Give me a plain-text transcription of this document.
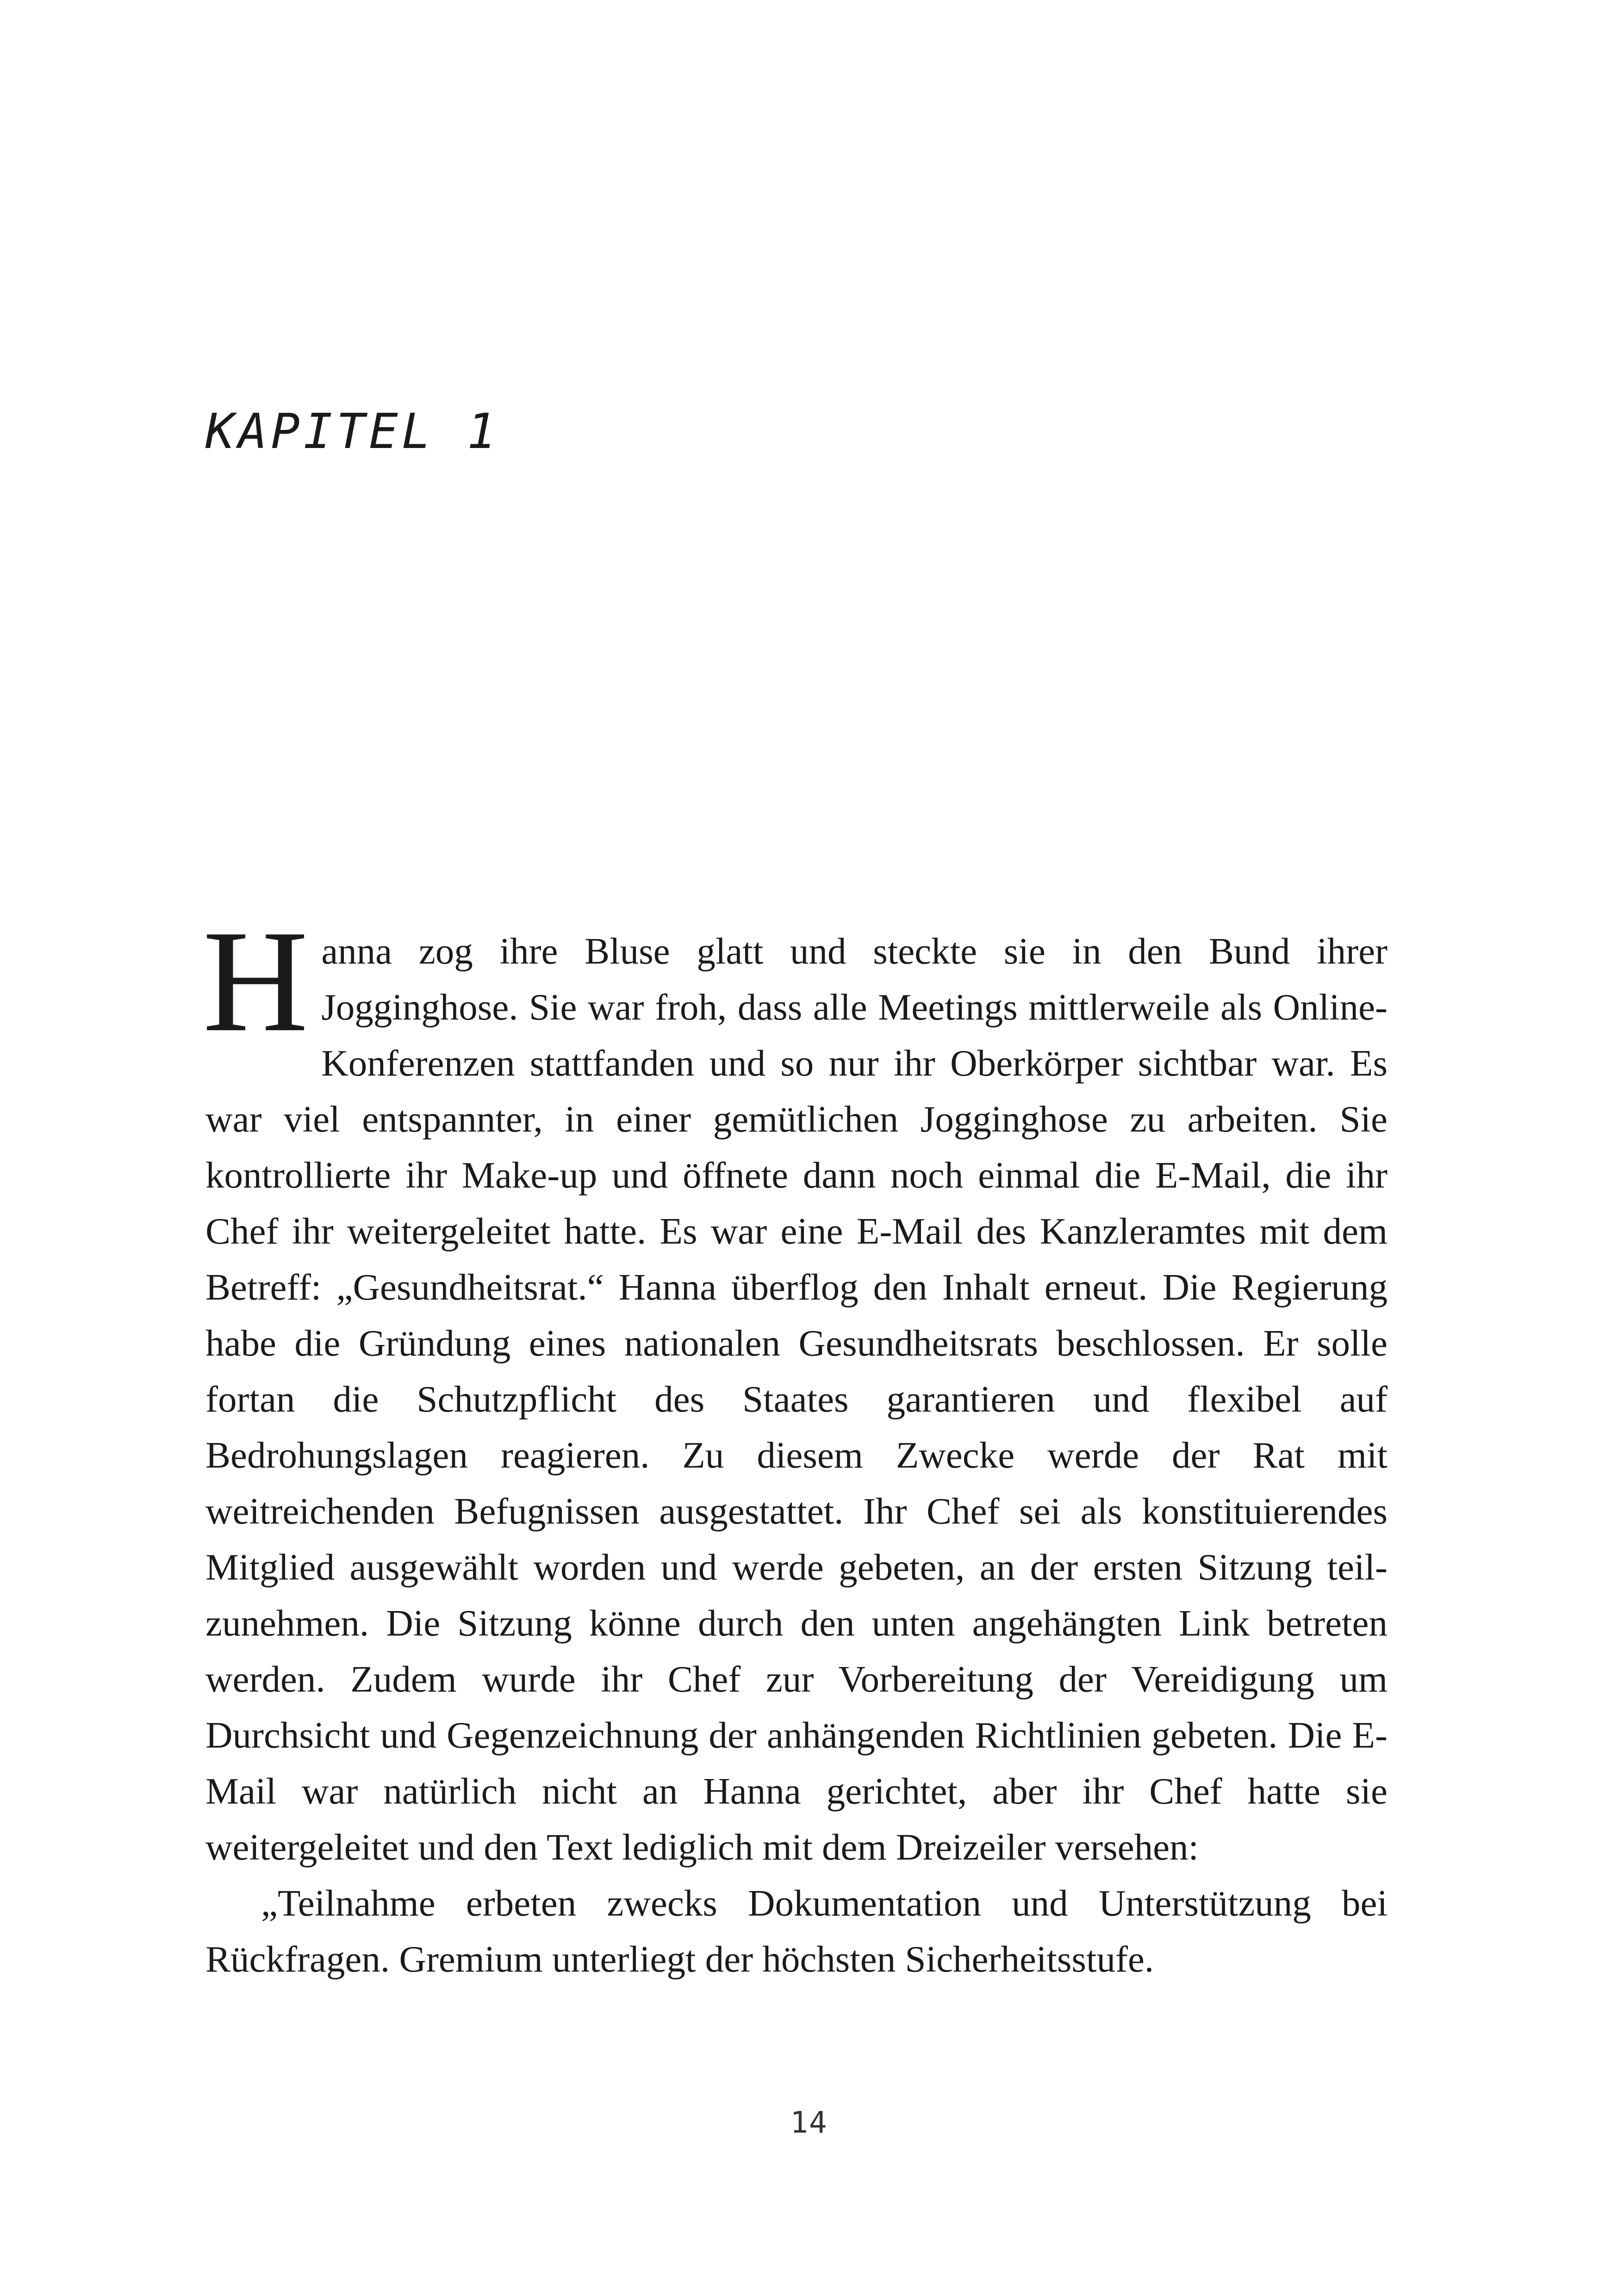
KAPITEL 1

Hanna zog ihre Bluse glatt und steckte sie in den Bund ihrer Jogginghose. Sie war froh, dass alle Meetings mittlerweile als Online-Konferenzen stattfanden und so nur ihr Oberkörper sichtbar war. Es war viel entspannter, in einer gemütlichen Jogginghose zu arbeiten. Sie kontrollierte ihr Make-up und öffnete dann noch einmal die E-Mail, die ihr Chef ihr weitergeleitet hatte. Es war eine E-Mail des Kanzleramtes mit dem Betreff: „Gesundheitsrat.“ Hanna überflog den Inhalt erneut. Die Regierung habe die Gründung eines nationalen Gesundheitsrats beschlossen. Er solle fortan die Schutzpflicht des Staates garantieren und flexibel auf Bedrohungslagen reagieren. Zu diesem Zwecke werde der Rat mit weitreichenden Befugnissen ausgestattet. Ihr Chef sei als konstituierendes Mitglied ausgewählt worden und werde gebeten, an der ersten Sitzung teilzunehmen. Die Sitzung könne durch den unten angehängten Link betreten werden. Zudem wurde ihr Chef zur Vorbereitung der Vereidigung um Durchsicht und Gegenzeichnung der anhängenden Richtlinien gebeten. Die E-Mail war natürlich nicht an Hanna gerichtet, aber ihr Chef hatte sie weitergeleitet und den Text lediglich mit dem Dreizeiler versehen:

„Teilnahme erbeten zwecks Dokumentation und Unterstützung bei Rückfragen. Gremium unterliegt der höchsten Sicherheitsstufe.

14
